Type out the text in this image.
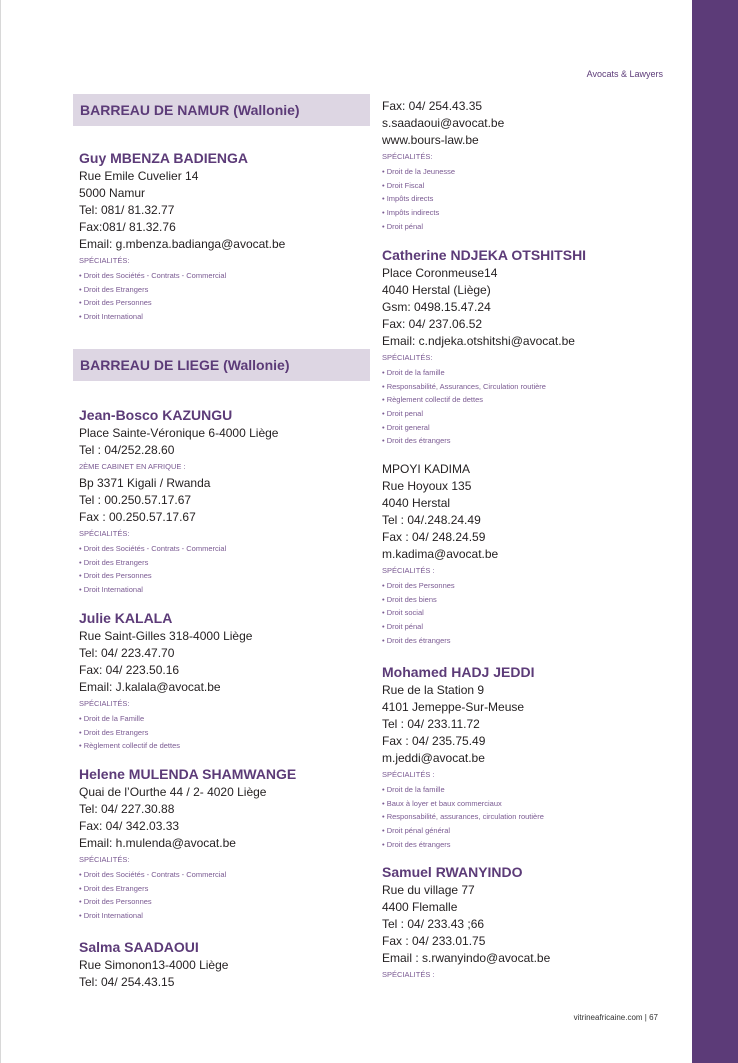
Avocats & Lawyers
BARREAU DE NAMUR (Wallonie)
BARREAU DE LIEGE (Wallonie)
Guy MBENZA BADIENGA
Rue Emile Cuvelier 14
5000 Namur
Tel: 081/ 81.32.77
Fax:081/ 81.32.76
Email: g.mbenza.badianga@avocat.be
SPÉCIALITÉS:
• Droit des Sociétés - Contrats - Commercial
• Droit des Etrangers
• Droit des Personnes
• Droit International
Jean-Bosco KAZUNGU
Place Sainte-Véronique 6-4000 Liège
Tel : 04/252.28.60
2ÈME CABINET EN AFRIQUE :
Bp 3371 Kigali / Rwanda
Tel : 00.250.57.17.67
Fax : 00.250.57.17.67
SPÉCIALITÉS:
• Droit des Sociétés - Contrats - Commercial
• Droit des Etrangers
• Droit des Personnes
• Droit International
Julie KALALA
Rue Saint-Gilles 318-4000 Liège
Tel: 04/ 223.47.70
Fax: 04/ 223.50.16
Email: J.kalala@avocat.be
SPÉCIALITÉS:
• Droit de la Famille
• Droit des Etrangers
• Règlement collectif de dettes
Helene MULENDA SHAMWANGE
Quai de l’Ourthe 44 / 2- 4020 Liège
Tel: 04/ 227.30.88
Fax: 04/ 342.03.33
Email: h.mulenda@avocat.be
SPÉCIALITÉS:
• Droit des Sociétés - Contrats - Commercial
• Droit des Etrangers
• Droit des Personnes
• Droit International
Salma SAADAOUI
Rue Simonon13-4000 Liège
Tel: 04/ 254.43.15
Fax: 04/ 254.43.35
s.saadaoui@avocat.be
www.bours-law.be
SPÉCIALITÉS:
• Droit de la Jeunesse
• Droit Fiscal
• Impôts directs
• Impôts indirects
• Droit pénal
Catherine NDJEKA OTSHITSHI
Place Coronmeuse14
4040 Herstal (Liège)
Gsm: 0498.15.47.24
Fax: 04/ 237.06.52
Email: c.ndjeka.otshitshi@avocat.be
SPÉCIALITÉS:
• Droit de la famille
• Responsabilité, Assurances, Circulation routière
• Règlement collectif de dettes
• Droit penal
• Droit general
• Droit des étrangers
MPOYI KADIMA
Rue Hoyoux 135
4040 Herstal
Tel : 04/.248.24.49
Fax : 04/ 248.24.59
m.kadima@avocat.be
SPÉCIALITÉS :
• Droit des Personnes
• Droit des biens
• Droit social
• Droit pénal
• Droit des étrangers
Mohamed HADJ JEDDI
Rue de la Station 9
4101 Jemeppe-Sur-Meuse
Tel : 04/ 233.11.72
Fax : 04/ 235.75.49
m.jeddi@avocat.be
SPÉCIALITÉS :
• Droit de la famille
• Baux à loyer et baux commerciaux
• Responsabilité, assurances, circulation routière
• Droit pénal général
• Droit des étrangers
Samuel RWANYINDO
Rue du village 77
4400 Flemalle
Tel : 04/ 233.43 ;66
Fax : 04/ 233.01.75
Email : s.rwanyindo@avocat.be
SPÉCIALITÉS :
vitrineafricaine.com | 67
